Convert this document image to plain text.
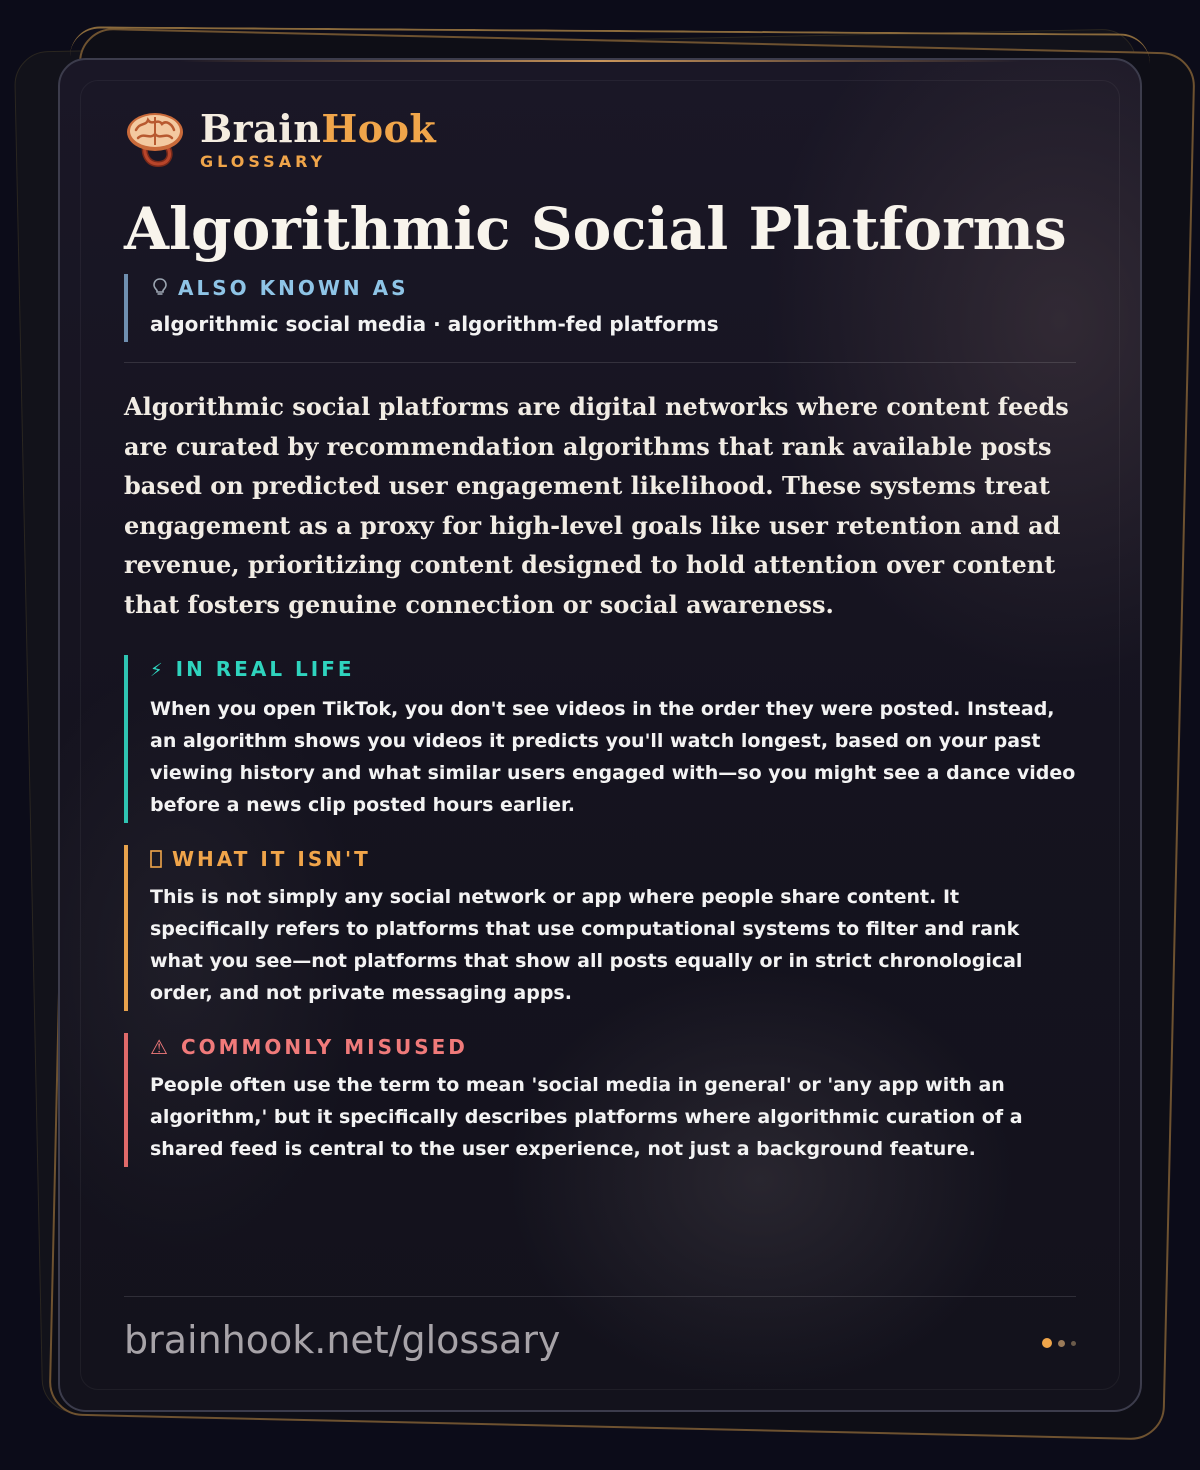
BrainHook
GLOSSARY
Algorithmic Social Platforms
ALSO KNOWN AS
algorithmic social media · algorithm-fed platforms

Algorithmic social platforms are digital networks where content feeds are curated by recommendation algorithms that rank available posts based on predicted user engagement likelihood. These systems treat engagement as a proxy for high-level goals like user retention and ad revenue, prioritizing content designed to hold attention over content that fosters genuine connection or social awareness.

⚡ IN REAL LIFE
When you open TikTok, you don't see videos in the order they were posted. Instead, an algorithm shows you videos it predicts you'll watch longest, based on your past viewing history and what similar users engaged with—so you might see a dance video before a news clip posted hours earlier.
WHAT IT ISN'T
This is not simply any social network or app where people share content. It specifically refers to platforms that use computational systems to filter and rank what you see—not platforms that show all posts equally or in strict chronological order, and not private messaging apps.
⚠ COMMONLY MISUSED
People often use the term to mean 'social media in general' or 'any app with an algorithm,' but it specifically describes platforms where algorithmic curation of a shared feed is central to the user experience, not just a background feature.
brainhook.net/glossary
